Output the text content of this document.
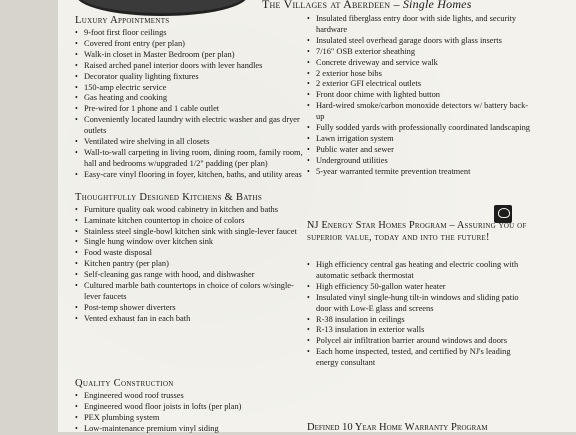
The Villages at Aberdeen – Single Homes
Luxury Appointments
• 9-foot first floor ceilings
• Covered front entry (per plan)
• Walk-in closet in Master Bedroom (per plan)
• Raised arched panel interior doors with lever handles
• Decorator quality lighting fixtures
• 150-amp electric service
• Gas heating and cooking
• Pre-wired for 1 phone and 1 cable outlet
• Conveniently located laundry with electric washer and gas dryer outlets
• Ventilated wire shelving in all closets
• Wall-to-wall carpeting in living room, dining room, family room, hall and bedrooms w/upgraded 1/2" padding (per plan)
• Easy-care vinyl flooring in foyer, kitchen, baths, and utility areas
Thoughtfully Designed Kitchens & Baths
• Furniture quality oak wood cabinetry in kitchen and baths
• Laminate kitchen countertop in choice of colors
• Stainless steel single-bowl kitchen sink with single-lever faucet
• Single hung window over kitchen sink
• Food waste disposal
• Kitchen pantry (per plan)
• Self-cleaning gas range with hood, and dishwasher
• Cultured marble bath countertops in choice of colors w/single-lever faucets
• Post-temp shower diverters
• Vented exhaust fan in each bath
Quality Construction
• Engineered wood roof trusses
• Engineered wood floor joists in lofts (per plan)
• PEX plumbing system
• Low-maintenance premium vinyl siding
• Insulated fiberglass entry door with side lights, and security hardware
• Insulated steel overhead garage doors with glass inserts
• 7/16" OSB exterior sheathing
• Concrete driveway and service walk
• 2 exterior hose bibs
• 2 exterior GFI electrical outlets
• Front door chime with lighted button
• Hard-wired smoke/carbon monoxide detectors w/ battery back-up
• Fully sodded yards with professionally coordinated landscaping
• Lawn irrigation system
• Public water and sewer
• Underground utilities
• 5-year warranted termite prevention treatment
NJ Energy Star Homes Program – Assuring you of superior value, today and into the future!
• High efficiency central gas heating and electric cooling with automatic setback thermostat
• High efficiency 50-gallon water heater
• Insulated vinyl single-hung tilt-in windows and sliding patio door with Low-E glass and screens
• R-38 insulation in ceilings
• R-13 insulation in exterior walls
• Polycel air infiltration barrier around windows and doors
• Each home inspected, tested, and certified by NJ's leading energy consultant
Defined 10 Year Home Warranty Program
